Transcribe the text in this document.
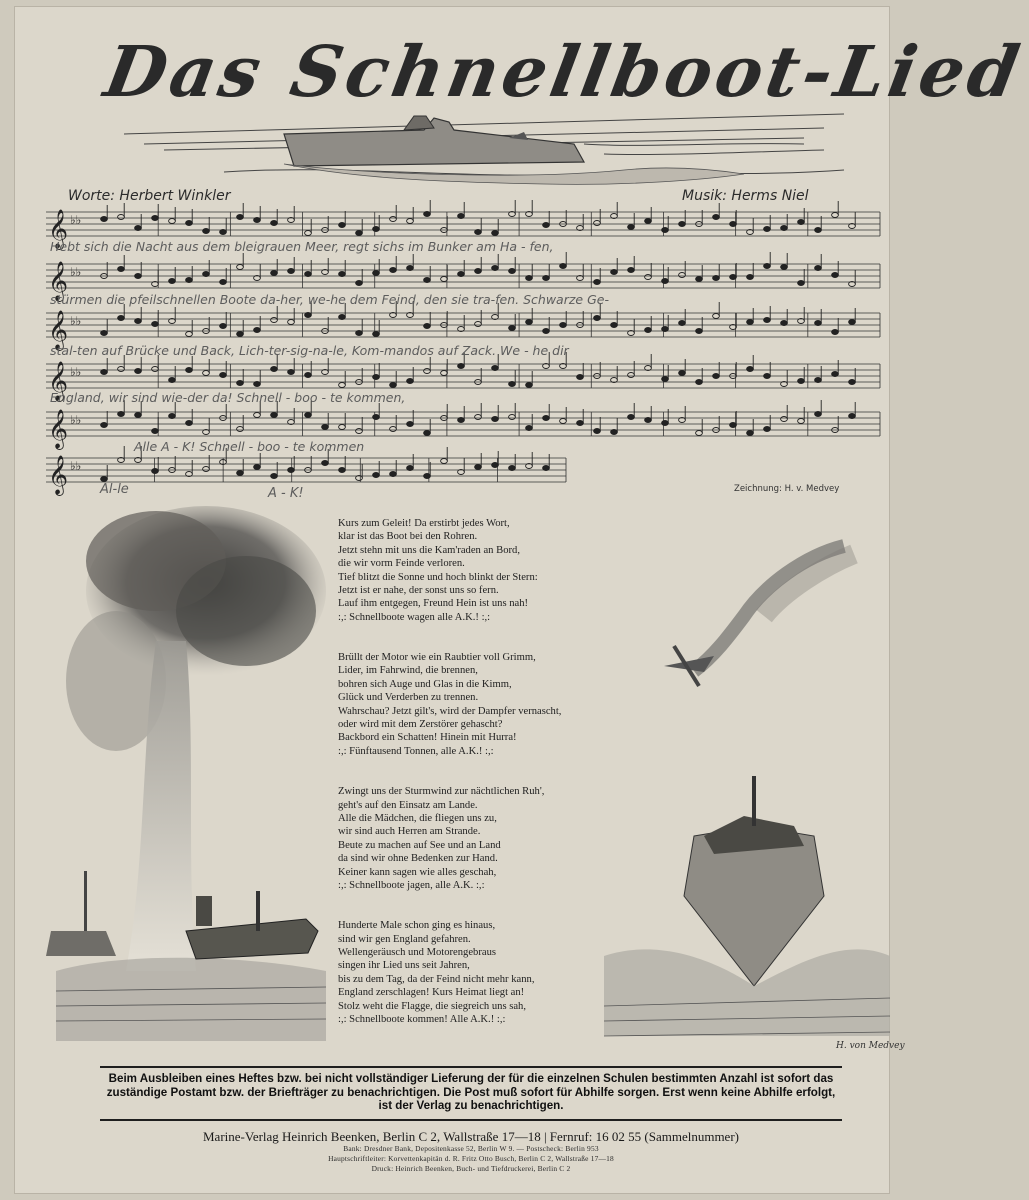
Das Schnellboot-Lied
Worte: Herbert Winkler	Musik: Herms Niel
𝄞 ♭♭
𝄞 ♭♭
𝄞 ♭♭
𝄞 ♭♭
𝄞 ♭♭
𝄞 ♭♭
Hebt sich die Nacht aus dem bleigrauen Meer, regt sichs im Bunker am Ha - fen,
stürmen die pfeilschnellen Boote da-her, we-he dem Feind, den sie tra-fen. Schwarze Ge-
stal-ten auf Brücke und Back, Lich-ter-sig-na-le, Kom-mandos auf Zack. We - he dir
England, wir sind wie-der da! Schnell - boo - te kommen,
Alle A - K! Schnell - boo - te kommen
Al-le	A - K!	Zeichnung: H. v. Medvey
H. von Medvey
Kurs zum Geleit! Da erstirbt jedes Wort,
klar ist das Boot bei den Rohren.
Jetzt stehn mit uns die Kam'raden an Bord,
die wir vorm Feinde verloren.
Tief blitzt die Sonne und hoch blinkt der Stern:
Jetzt ist er nahe, der sonst uns so fern.
Lauf ihm entgegen, Freund Hein ist uns nah!
:,: Schnellboote wagen alle A.K.! :,:
Brüllt der Motor wie ein Raubtier voll Grimm,
Lider, im Fahrwind, die brennen,
bohren sich Auge und Glas in die Kimm,
Glück und Verderben zu trennen.
Wahrschau? Jetzt gilt's, wird der Dampfer vernascht,
oder wird mit dem Zerstörer gehascht?
Backbord ein Schatten! Hinein mit Hurra!
:,: Fünftausend Tonnen, alle A.K.! :,:
Zwingt uns der Sturmwind zur nächtlichen Ruh',
geht's auf den Einsatz am Lande.
Alle die Mädchen, die fliegen uns zu,
wir sind auch Herren am Strande.
Beute zu machen auf See und an Land
da sind wir ohne Bedenken zur Hand.
Keiner kann sagen wie alles geschah,
:,: Schnellboote jagen, alle A.K. :,:
Hunderte Male schon ging es hinaus,
sind wir gen England gefahren.
Wellengeräusch und Motorengebraus
singen ihr Lied uns seit Jahren,
bis zu dem Tag, da der Feind nicht mehr kann,
England zerschlagen! Kurs Heimat liegt an!
Stolz weht die Flagge, die siegreich uns sah,
:,: Schnellboote kommen! Alle A.K.! :,:
Beim Ausbleiben eines Heftes bzw. bei nicht vollständiger Lieferung der für die einzelnen Schulen bestimmten Anzahl ist sofort das zuständige Postamt bzw. der Briefträger zu benachrichtigen. Die Post muß sofort für Abhilfe sorgen. Erst wenn keine Abhilfe erfolgt, ist der Verlag zu benachrichtigen.
Marine-Verlag Heinrich Beenken, Berlin C 2, Wallstraße 17—18 | Fernruf: 16 02 55 (Sammelnummer)
Bank: Dresdner Bank, Depositenkasse 52, Berlin W 9. — Postscheck: Berlin 953
Hauptschriftleiter: Korvettenkapitän d. R. Fritz Otto Busch, Berlin C 2, Wallstraße 17—18
Druck: Heinrich Beenken, Buch- und Tiefdruckerei, Berlin C 2
